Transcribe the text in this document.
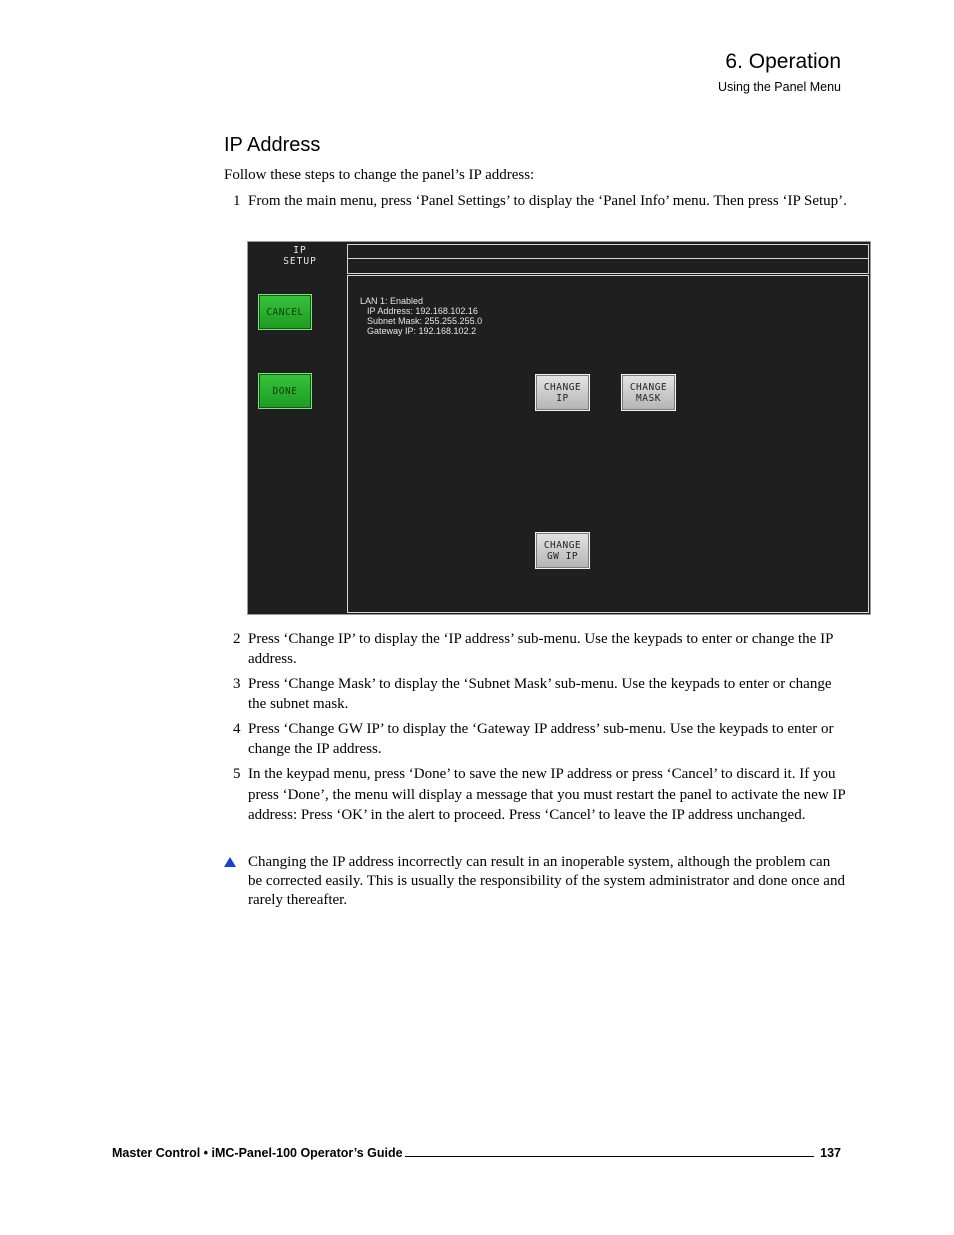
6. Operation
Using the Panel Menu
IP Address
Follow these steps to change the panel’s IP address:
1 From the main menu, press ‘Panel Settings’ to display the ‘Panel Info’ menu. Then press ‘IP Setup’.
IP
SETUP
CANCEL
DONE
LAN 1: Enabled
IP Address: 192.168.102.16
Subnet Mask: 255.255.255.0
Gateway IP: 192.168.102.2
CHANGE
IP
CHANGE
MASK
CHANGE
GW IP
2 Press ‘Change IP’ to display the ‘IP address’ sub-menu. Use the keypads to enter or change the IP address.
3 Press ‘Change Mask’ to display the ‘Subnet Mask’ sub-menu. Use the keypads to enter or change the subnet mask.
4 Press ‘Change GW IP’ to display the ‘Gateway IP address’ sub-menu. Use the keypads to enter or change the IP address.
5 In the keypad menu, press ‘Done’ to save the new IP address or press ‘Cancel’ to discard it. If you press ‘Done’, the menu will display a message that you must restart the panel to activate the new IP address: Press ‘OK’ in the alert to proceed. Press ‘Cancel’ to leave the IP address unchanged.
Changing the IP address incorrectly can result in an inoperable system, although the problem can be corrected easily. This is usually the responsibility of the system administrator and done once and rarely thereafter.
Master Control • iMC-Panel-100 Operator’s Guide	137
